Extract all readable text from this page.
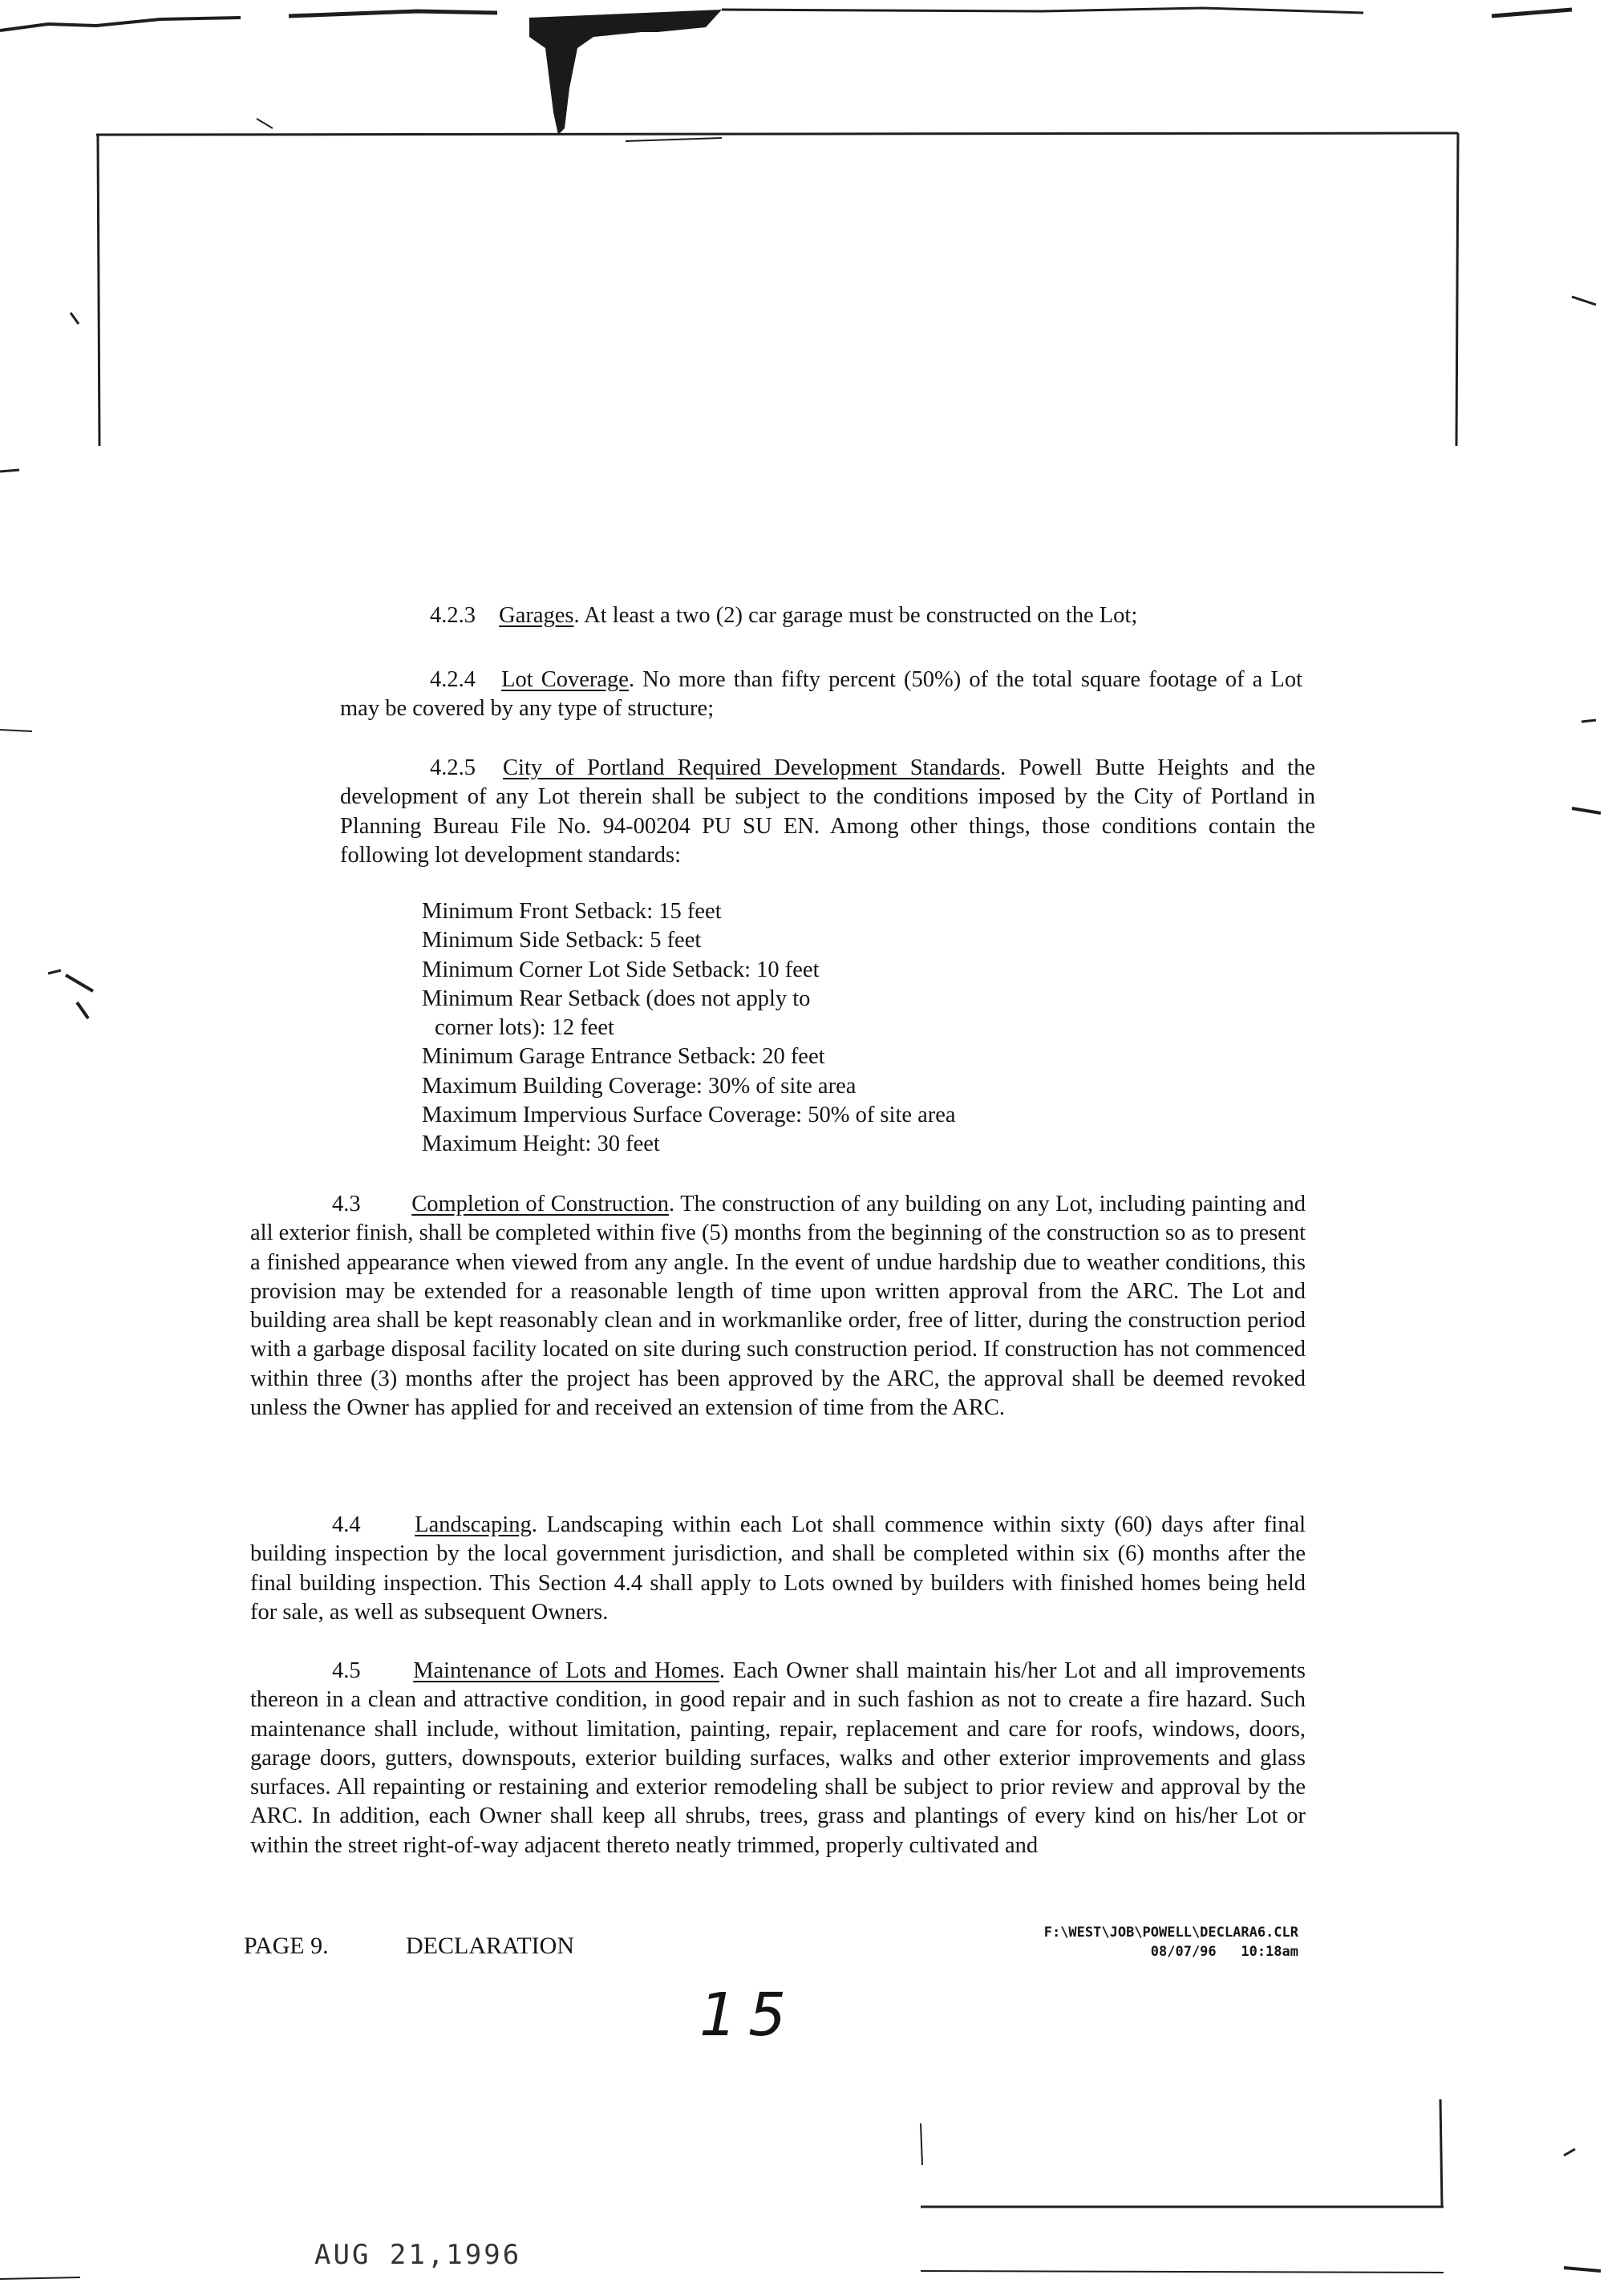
4.2.3 Garages. At least a two (2) car garage must be constructed on the Lot;

4.2.4 Lot Coverage. No more than fifty percent (50%) of the total square footage of a Lot may be covered by any type of structure;

4.2.5 City of Portland Required Development Standards. Powell Butte Heights and the development of any Lot therein shall be subject to the conditions imposed by the City of Portland in Planning Bureau File No. 94-00204 PU SU EN. Among other things, those conditions contain the following lot development standards:

Minimum Front Setback: 15 feet
Minimum Side Setback: 5 feet
Minimum Corner Lot Side Setback: 10 feet
Minimum Rear Setback (does not apply to
corner lots): 12 feet
Minimum Garage Entrance Setback: 20 feet
Maximum Building Coverage: 30% of site area
Maximum Impervious Surface Coverage: 50% of site area
Maximum Height: 30 feet

4.3 Completion of Construction. The construction of any building on any Lot, including painting and all exterior finish, shall be completed within five (5) months from the beginning of the construction so as to present a finished appearance when viewed from any angle. In the event of undue hardship due to weather conditions, this provision may be extended for a reasonable length of time upon written approval from the ARC. The Lot and building area shall be kept reasonably clean and in workmanlike order, free of litter, during the construction period with a garbage disposal facility located on site during such construction period. If construction has not commenced within three (3) months after the project has been approved by the ARC, the approval shall be deemed revoked unless the Owner has applied for and received an extension of time from the ARC.

4.4 Landscaping. Landscaping within each Lot shall commence within sixty (60) days after final building inspection by the local government jurisdiction, and shall be completed within six (6) months after the final building inspection. This Section 4.4 shall apply to Lots owned by builders with finished homes being held for sale, as well as subsequent Owners.

4.5 Maintenance of Lots and Homes. Each Owner shall maintain his/her Lot and all improvements thereon in a clean and attractive condition, in good repair and in such fashion as not to create a fire hazard. Such maintenance shall include, without limitation, painting, repair, replacement and care for roofs, windows, doors, garage doors, gutters, downspouts, exterior building surfaces, walks and other exterior improvements and glass surfaces. All repainting or restaining and exterior remodeling shall be subject to prior review and approval by the ARC. In addition, each Owner shall keep all shrubs, trees, grass and plantings of every kind on his/her Lot or within the street right-of-way adjacent thereto neatly trimmed, properly cultivated and

PAGE 9.	DECLARATION	F:\WEST\JOB\POWELL\DECLARA6.CLR
08/07/96   10:18am
15
AUG 21,1996
